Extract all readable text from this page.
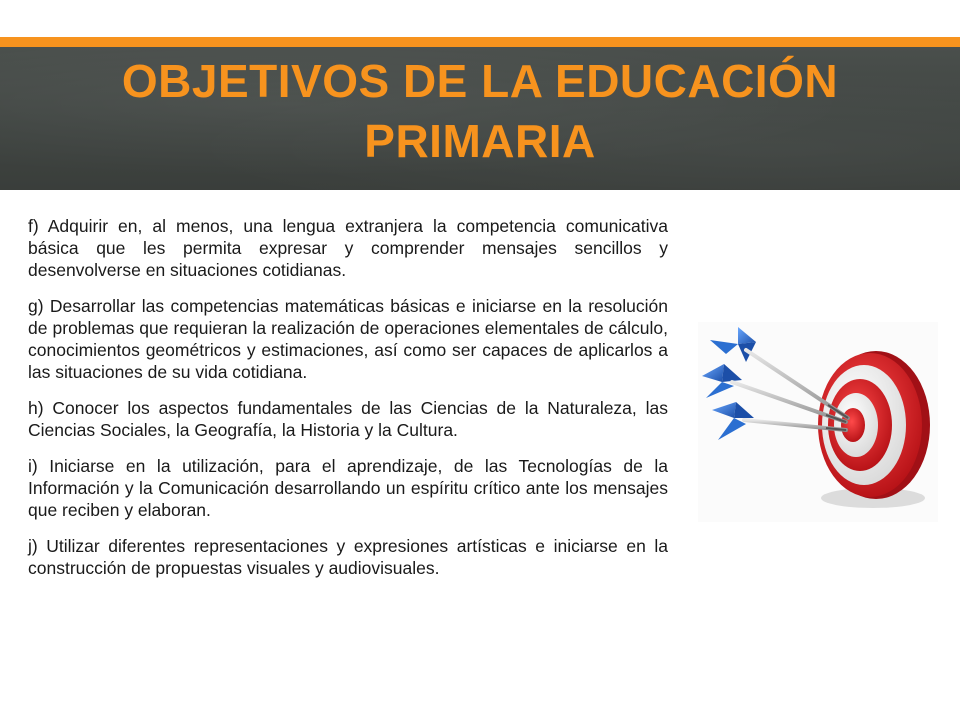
OBJETIVOS DE LA EDUCACIÓN
PRIMARIA

f) Adquirir en, al menos, una lengua extranjera la competencia comunicativa básica que les permita expresar y comprender mensajes sencillos y desenvolverse en situaciones cotidianas.

g) Desarrollar las competencias matemáticas básicas e iniciarse en la resolución de problemas que requieran la realización de operaciones elementales de cálculo, conocimientos geométricos y estimaciones, así como ser capaces de aplicarlos a las situaciones de su vida cotidiana.

h) Conocer los aspectos fundamentales de las Ciencias de la Naturaleza, las Ciencias Sociales, la Geografía, la Historia y la Cultura.

i) Iniciarse en la utilización, para el aprendizaje, de las Tecnologías de la Información y la Comunicación desarrollando un espíritu crítico ante los mensajes que reciben y elaboran.

j) Utilizar diferentes representaciones y expresiones artísticas e iniciarse en la construcción de propuestas visuales y audiovisuales.
